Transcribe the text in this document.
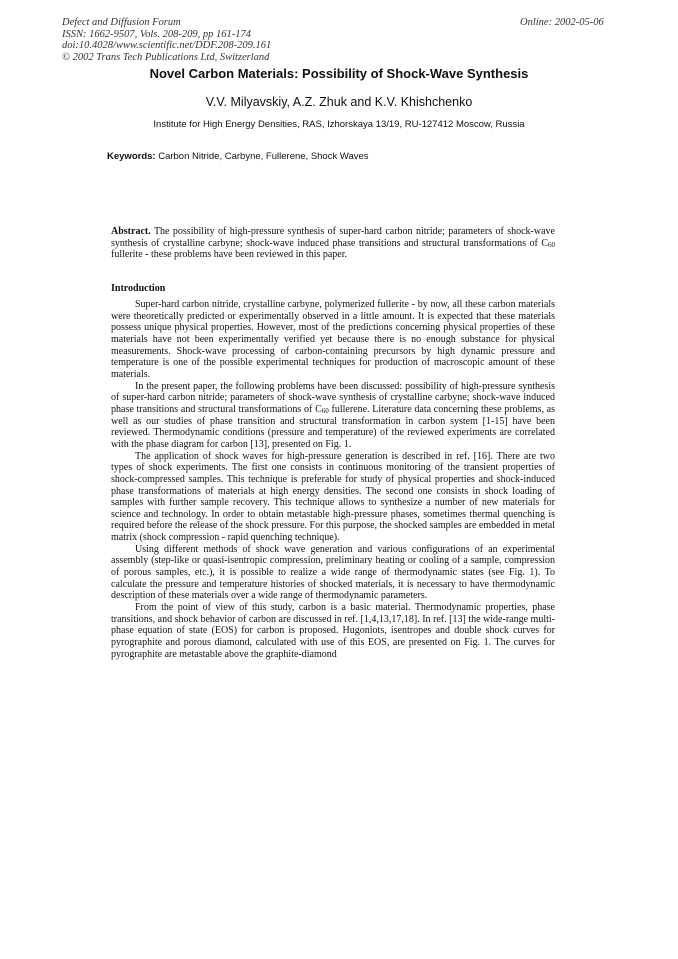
Defect and Diffusion Forum
ISSN: 1662-9507, Vols. 208-209, pp 161-174
doi:10.4028/www.scientific.net/DDF.208-209.161
© 2002 Trans Tech Publications Ltd, Switzerland
Online: 2002-05-06
Novel Carbon Materials: Possibility of Shock-Wave Synthesis
V.V. Milyavskiy, A.Z. Zhuk and K.V. Khishchenko
Institute for High Energy Densities, RAS, Izhorskaya 13/19, RU-127412 Moscow, Russia
Keywords: Carbon Nitride, Carbyne, Fullerene, Shock Waves
Abstract. The possibility of high-pressure synthesis of super-hard carbon nitride; parameters of shock-wave synthesis of crystalline carbyne; shock-wave induced phase transitions and structural transformations of $C_{60}$ fullerite - these problems have been reviewed in this paper.
Introduction

Super-hard carbon nitride, crystalline carbyne, polymerized fullerite - by now, all these carbon materials were theoretically predicted or experimentally observed in a little amount. It is expected that these materials possess unique physical properties. However, most of the predictions concerning physical properties of these materials have not been experimentally verified yet because there is no enough substance for physical measurements. Shock-wave processing of carbon-containing precursors by high dynamic pressure and temperature is one of the possible experimental techniques for production of macroscopic amount of these materials.

In the present paper, the following problems have been discussed: possibility of high-pressure synthesis of super-hard carbon nitride; parameters of shock-wave synthesis of crystalline carbyne; shock-wave induced phase transitions and structural transformations of $C_{60}$ fullerene. Literature data concerning these problems, as well as our studies of phase transition and structural transformation in carbon system [1-15] have been reviewed. Thermodynamic conditions (pressure and temperature) of the reviewed experiments are correlated with the phase diagram for carbon [13], presented on Fig. 1.

The application of shock waves for high-pressure generation is described in ref. [16]. There are two types of shock experiments. The first one consists in continuous monitoring of the transient properties of shock-compressed samples. This technique is preferable for study of physical properties and shock-induced phase transformations of materials at high energy densities. The second one consists in shock loading of samples with further sample recovery. This technique allows to synthesize a number of new materials for science and technology. In order to obtain metastable high-pressure phases, sometimes thermal quenching is required before the release of the shock pressure. For this purpose, the shocked samples are embedded in metal matrix (shock compression - rapid quenching technique).

Using different methods of shock wave generation and various configurations of an experimental assembly (step-like or quasi-isentropic compression, preliminary heating or cooling of a sample, compression of porous samples, etc.), it is possible to realize a wide range of thermodynamic states (see Fig. 1). To calculate the pressure and temperature histories of shocked materials, it is necessary to have thermodynamic description of these materials over a wide range of thermodynamic parameters.

From the point of view of this study, carbon is a basic material. Thermodynamic properties, phase transitions, and shock behavior of carbon are discussed in ref. [1,4,13,17,18]. In ref. [13] the wide-range multi-phase equation of state (EOS) for carbon is proposed. Hugoniots, isentropes and double shock curves for pyrographite and porous diamond, calculated with use of this EOS, are presented on Fig. 1. The curves for pyrographite are metastable above the graphite-diamond
